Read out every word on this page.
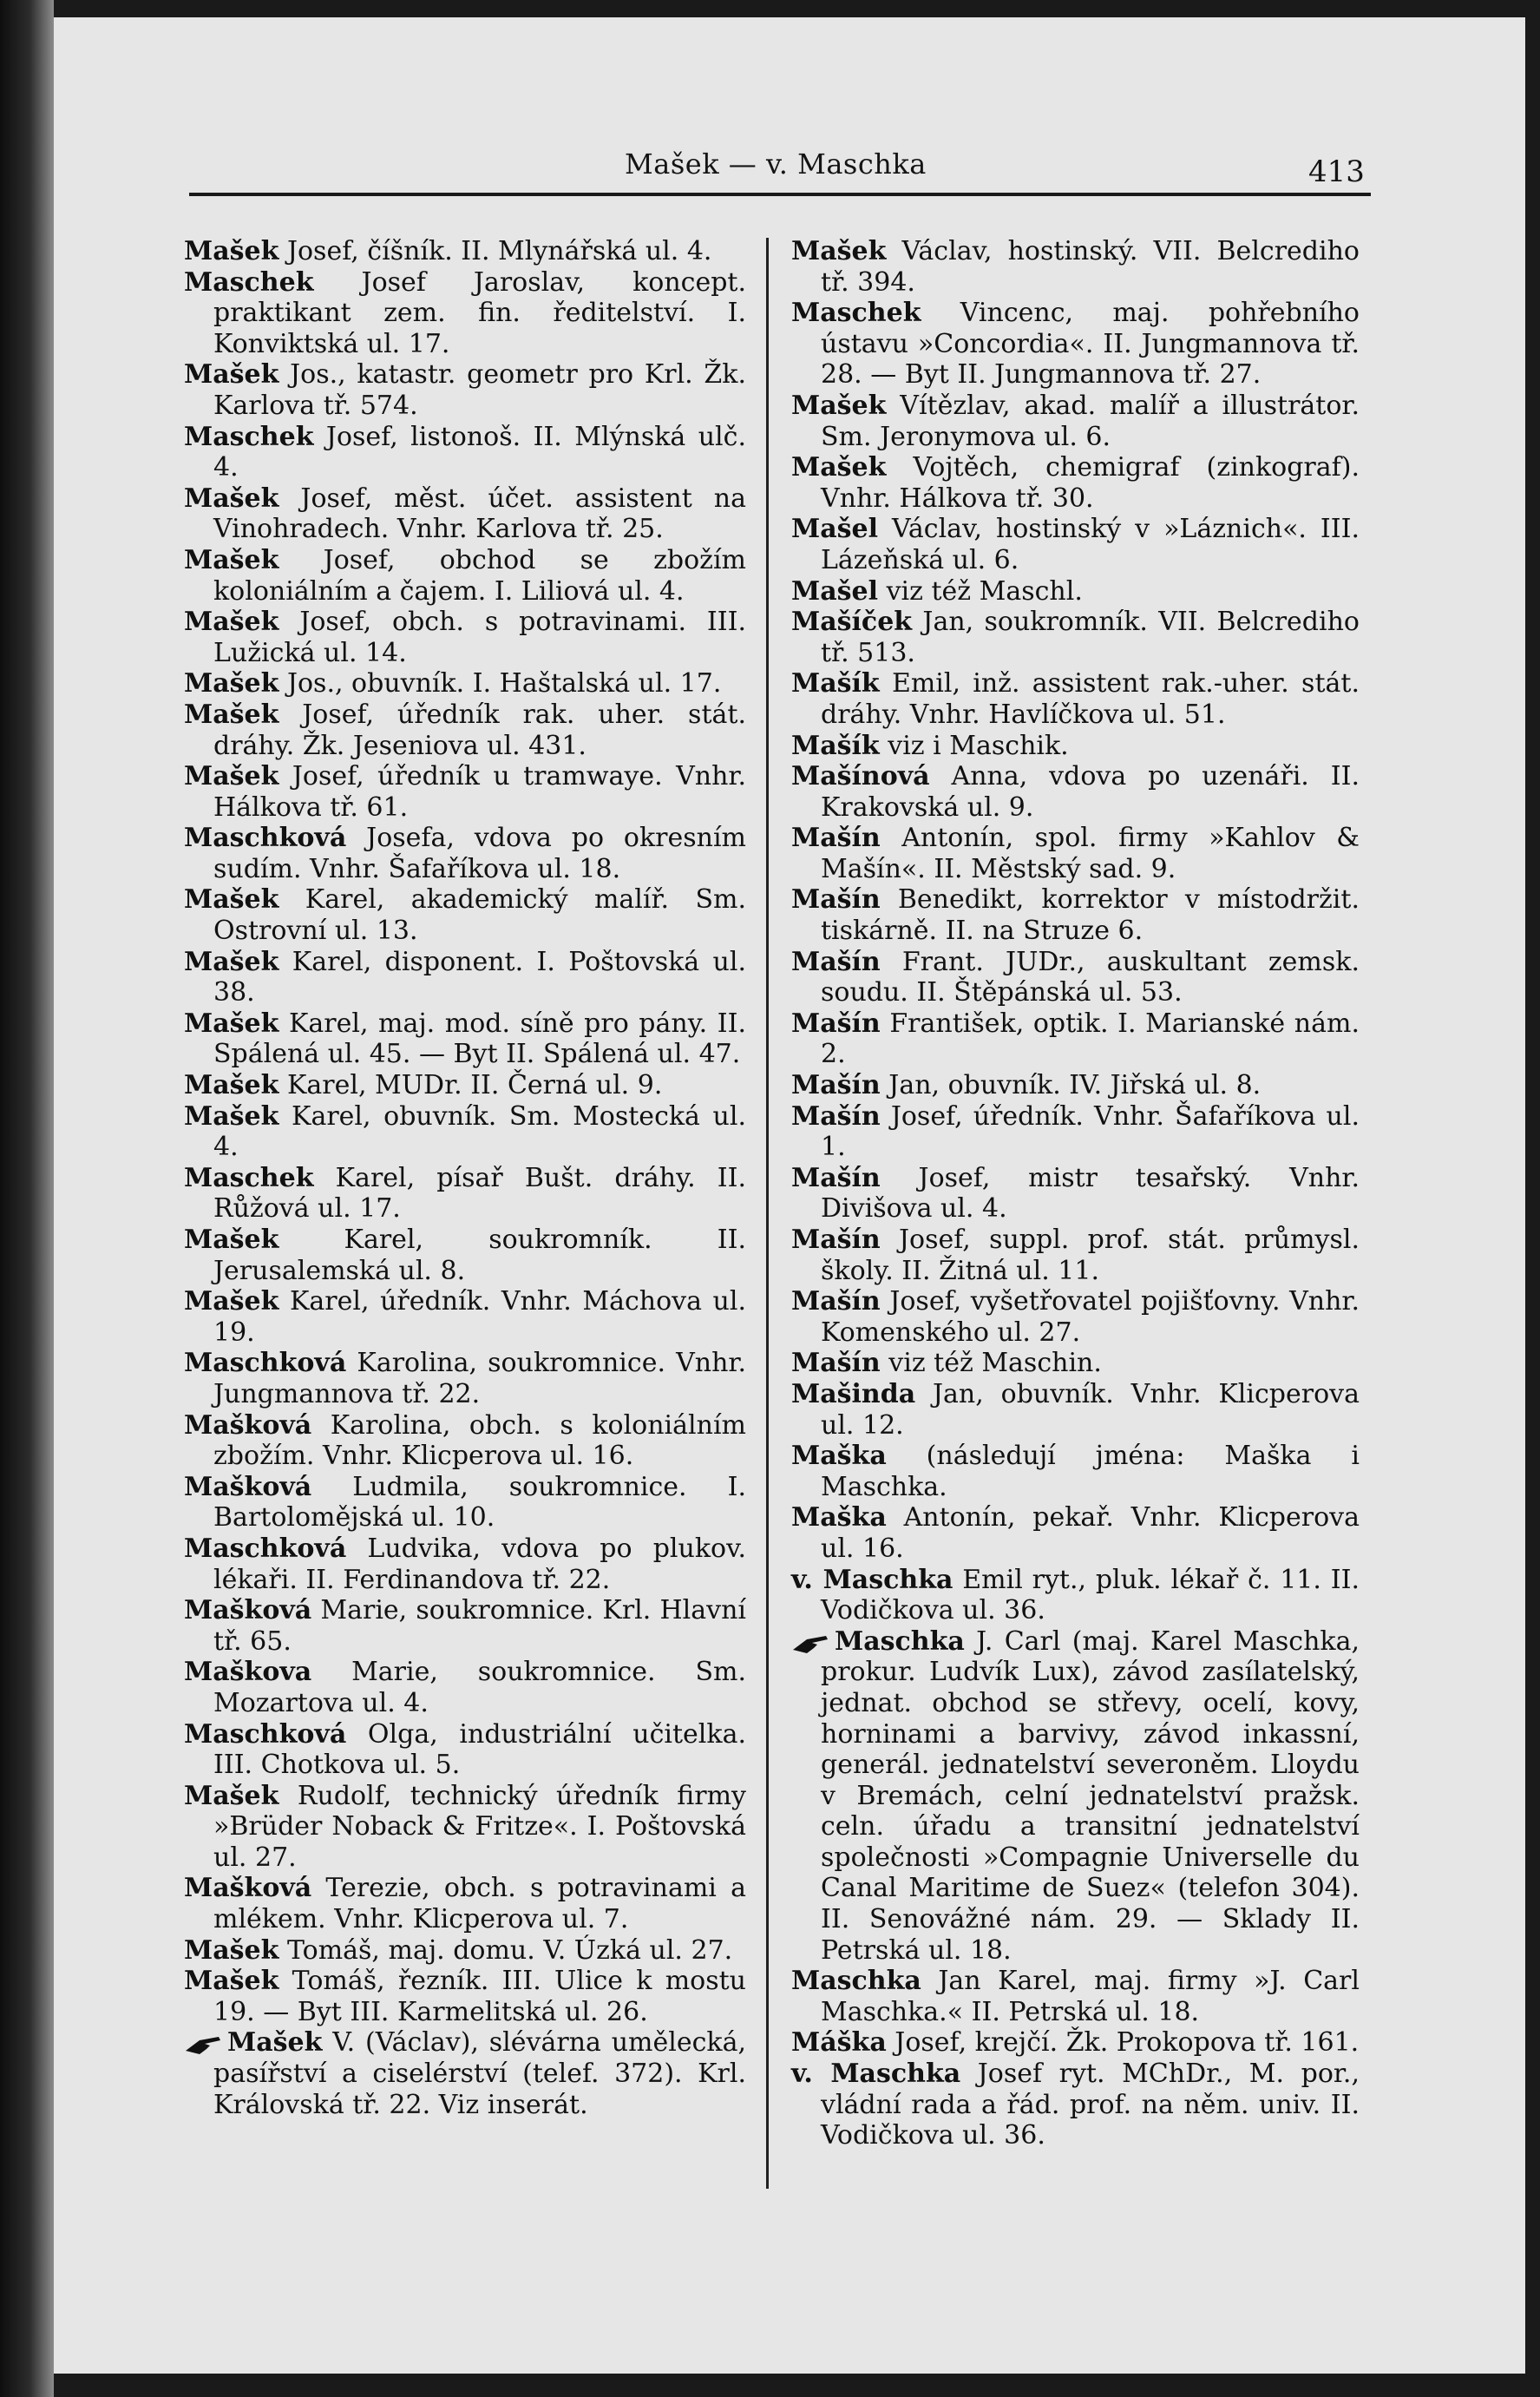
Mašek — v. Maschka	413

Mašek Josef, číšník. II. Mlynářská ul. 4.

Maschek Josef Jaroslav, koncept. praktikant zem. fin. ředitelství. I. Konviktská ul. 17.

Mašek Jos., katastr. geometr pro Krl. Žk. Karlova tř. 574.

Maschek Josef, listonoš. II. Mlýnská ulč. 4.

Mašek Josef, měst. účet. assistent na Vinohradech. Vnhr. Karlova tř. 25.

Mašek Josef, obchod se zbožím koloniálním a čajem. I. Liliová ul. 4.

Mašek Josef, obch. s potravinami. III. Lužická ul. 14.

Mašek Jos., obuvník. I. Haštalská ul. 17.

Mašek Josef, úředník rak. uher. stát. dráhy. Žk. Jeseniova ul. 431.

Mašek Josef, úředník u tramwaye. Vnhr. Hálkova tř. 61.

Maschková Josefa, vdova po okresním sudím. Vnhr. Šafaříkova ul. 18.

Mašek Karel, akademický malíř. Sm. Ostrovní ul. 13.

Mašek Karel, disponent. I. Poštovská ul. 38.

Mašek Karel, maj. mod. síně pro pány. II. Spálená ul. 45. — Byt II. Spálená ul. 47.

Mašek Karel, MUDr. II. Černá ul. 9.

Mašek Karel, obuvník. Sm. Mostecká ul. 4.

Maschek Karel, písař Bušt. dráhy. II. Růžová ul. 17.

Mašek Karel, soukromník. II. Jerusalemská ul. 8.

Mašek Karel, úředník. Vnhr. Máchova ul. 19.

Maschková Karolina, soukromnice. Vnhr. Jungmannova tř. 22.

Mašková Karolina, obch. s koloniálním zbožím. Vnhr. Klicperova ul. 16.

Mašková Ludmila, soukromnice. I. Bartolomějská ul. 10.

Maschková Ludvika, vdova po plukov. lékaři. II. Ferdinandova tř. 22.

Mašková Marie, soukromnice. Krl. Hlavní tř. 65.

Maškova Marie, soukromnice. Sm. Mozartova ul. 4.

Maschková Olga, industriální učitelka. III. Chotkova ul. 5.

Mašek Rudolf, technický úředník firmy »Brüder Noback & Fritze«. I. Poštovská ul. 27.

Mašková Terezie, obch. s potravinami a mlékem. Vnhr. Klicperova ul. 7.

Mašek Tomáš, maj. domu. V. Úzká ul. 27.

Mašek Tomáš, řezník. III. Ulice k mostu 19. — Byt III. Karmelitská ul. 26.

Mašek V. (Václav), slévárna umělecká, pasířství a ciselérství (telef. 372). Krl. Královská tř. 22. Viz inserát.

Mašek Václav, hostinský. VII. Belcrediho tř. 394.

Maschek Vincenc, maj. pohřebního ústavu »Concordia«. II. Jungmannova tř. 28. — Byt II. Jungmannova tř. 27.

Mašek Vítězlav, akad. malíř a illustrátor. Sm. Jeronymova ul. 6.

Mašek Vojtěch, chemigraf (zinkograf). Vnhr. Hálkova tř. 30.

Mašel Václav, hostinský v »Láznich«. III. Lázeňská ul. 6.

Mašel viz též Maschl.

Mašíček Jan, soukromník. VII. Belcrediho tř. 513.

Mašík Emil, inž. assistent rak.-uher. stát. dráhy. Vnhr. Havlíčkova ul. 51.

Mašík viz i Maschik.

Mašínová Anna, vdova po uzenáři. II. Krakovská ul. 9.

Mašín Antonín, spol. firmy »Kahlov & Mašín«. II. Městský sad. 9.

Mašín Benedikt, korrektor v místodržit. tiskárně. II. na Struze 6.

Mašín Frant. JUDr., auskultant zemsk. soudu. II. Štěpánská ul. 53.

Mašín František, optik. I. Marianské nám. 2.

Mašín Jan, obuvník. IV. Jiřská ul. 8.

Mašín Josef, úředník. Vnhr. Šafaříkova ul. 1.

Mašín Josef, mistr tesařský. Vnhr. Divišova ul. 4.

Mašín Josef, suppl. prof. stát. průmysl. školy. II. Žitná ul. 11.

Mašín Josef, vyšetřovatel pojišťovny. Vnhr. Komenského ul. 27.

Mašín viz též Maschin.

Mašinda Jan, obuvník. Vnhr. Klicperova ul. 12.

Maška (následují jména: Maška i Maschka.

Maška Antonín, pekař. Vnhr. Klicperova ul. 16.

v. Maschka Emil ryt., pluk. lékař č. 11. II. Vodičkova ul. 36.

Maschka J. Carl (maj. Karel Maschka, prokur. Ludvík Lux), závod zasílatelský, jednat. obchod se střevy, ocelí, kovy, horninami a barvivy, závod inkassní, generál. jednatelství severoněm. Lloydu v Bremách, celní jednatelství pražsk. celn. úřadu a transitní jednatelství společnosti »Compagnie Universelle du Canal Maritime de Suez« (telefon 304). II. Senovážné nám. 29. — Sklady II. Petrská ul. 18.

Maschka Jan Karel, maj. firmy »J. Carl Maschka.« II. Petrská ul. 18.

Máška Josef, krejčí. Žk. Prokopova tř. 161.

v. Maschka Josef ryt. MChDr., M. por., vládní rada a řád. prof. na něm. univ. II. Vodičkova ul. 36.
